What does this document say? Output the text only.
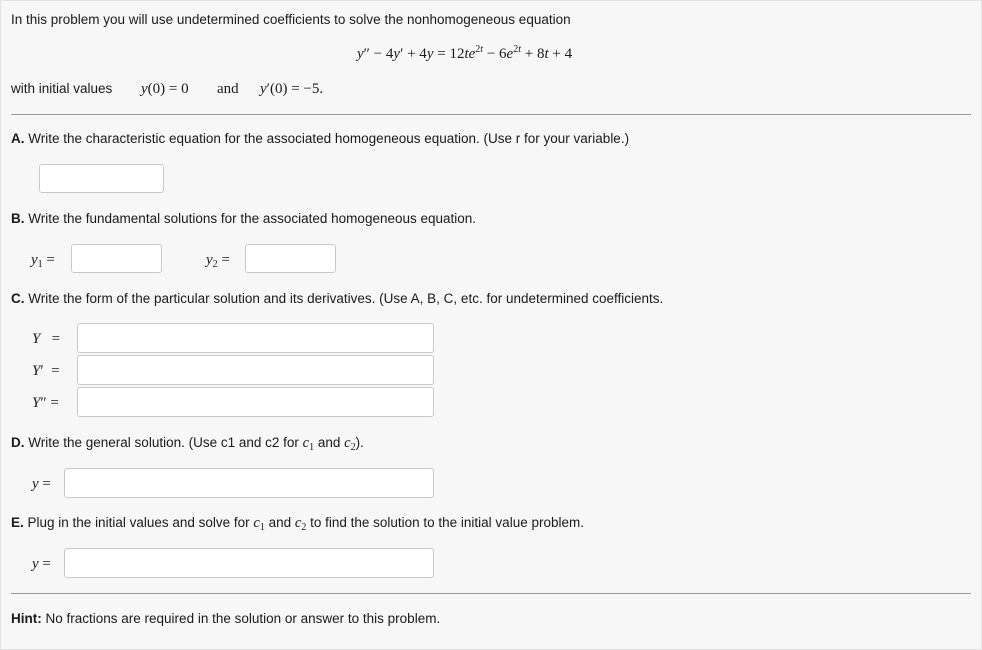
In this problem you will use undetermined coefficients to solve the nonhomogeneous equation
$y'' - 4y' + 4y = 12te^{2t} - 6e^{2t} + 8t + 4$
with initial values y(0) = 0 and y′(0) = −5.
A. Write the characteristic equation for the associated homogeneous equation. (Use r for your variable.)
B. Write the fundamental solutions for the associated homogeneous equation.
$y_1$ =	$y_2$ =
C. Write the form of the particular solution and its derivatives. (Use A, B, C, etc. for undetermined coefficients.
Y   =
Y′  =
Y″ =
D. Write the general solution. (Use c1 and c2 for $c_1$ and $c_2$).
y =
E. Plug in the initial values and solve for $c_1$ and $c_2$ to find the solution to the initial value problem.
y =
Hint: No fractions are required in the solution or answer to this problem.
